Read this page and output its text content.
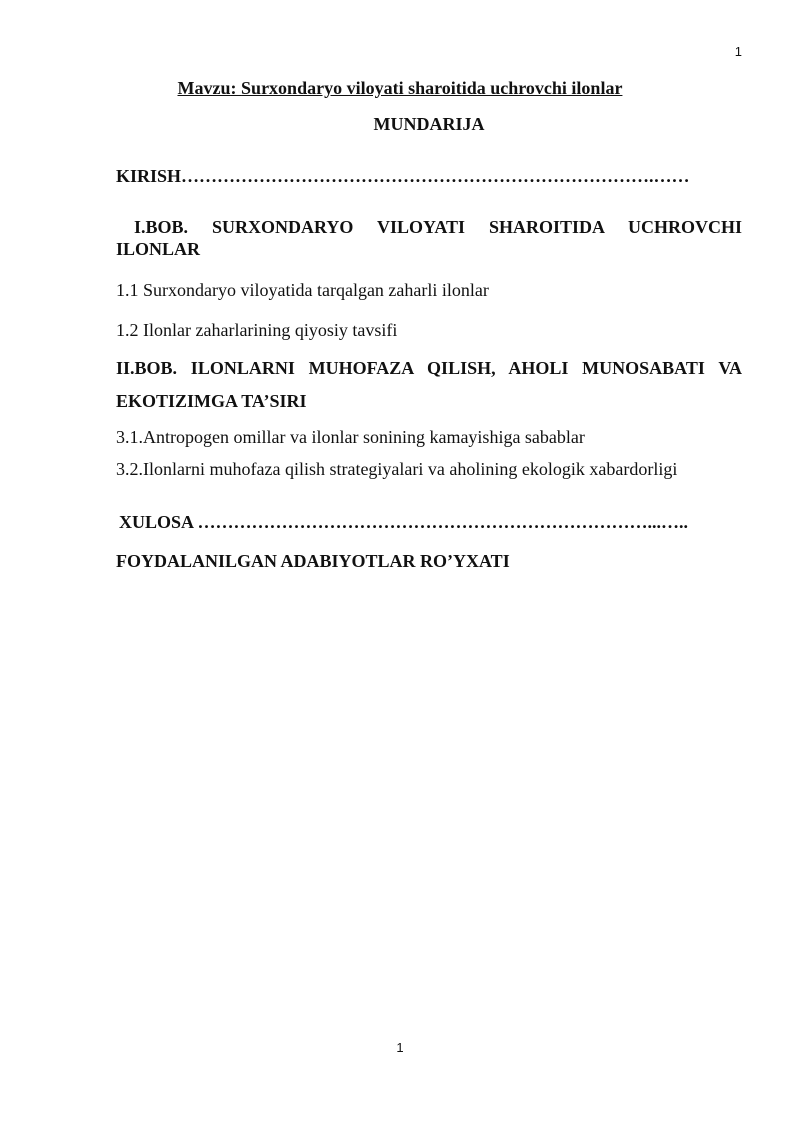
1
Mavzu: Surxondaryo viloyati sharoitida uchrovchi ilonlar
MUNDARIJA
KIRISH…………………………………………………………………….……
I.BOB. SURXONDARYO VILOYATI SHAROITIDA UCHROVCHI ILONLAR
1.1 Surxondaryo viloyatida tarqalgan zaharli ilonlar
1.2 Ilonlar zaharlarining qiyosiy tavsifi
II.BOB. ILONLARNI MUHOFAZA QILISH, AHOLI MUNOSABATI VA EKOTIZIMGA TA’SIRI
3.1.Antropogen omillar va ilonlar sonining kamayishiga sabablar
3.2.Ilonlarni muhofaza qilish strategiyalari va aholining ekologik xabardorligi
XULOSA …………………………………………………………………...…..
FOYDALANILGAN ADABIYOTLAR RO’YXATI
1
